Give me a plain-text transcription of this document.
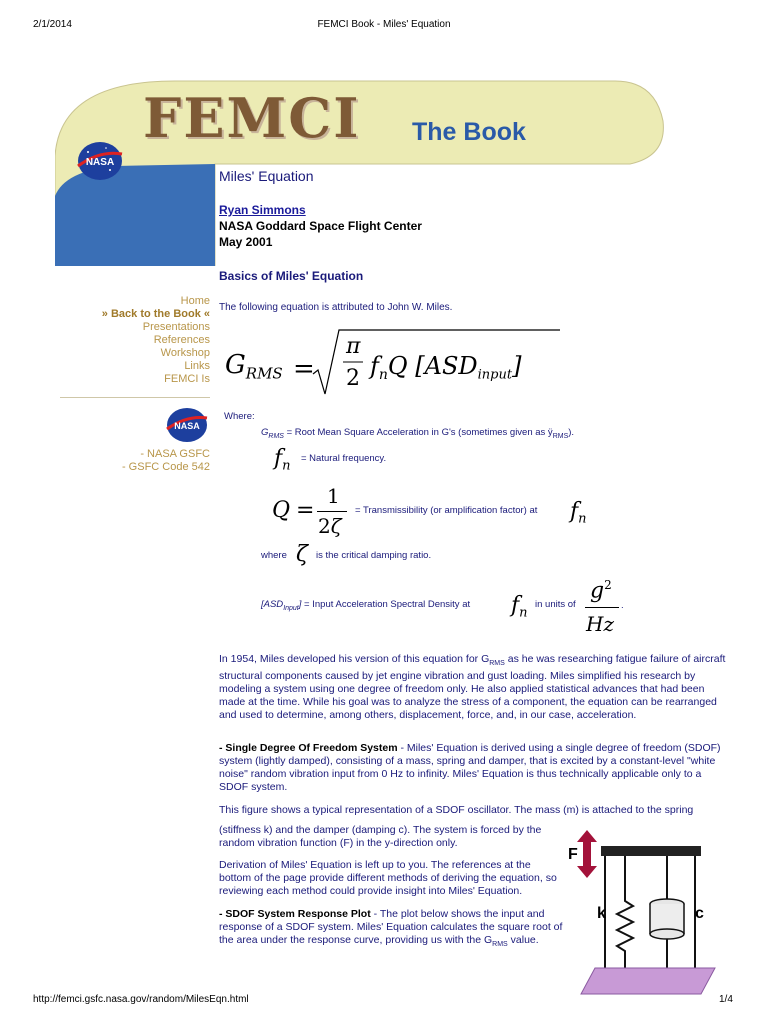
2/1/2014	FEMCI Book - Miles' Equation
FEMCI The Book
NASA
Miles' Equation
Ryan Simmons
NASA Goddard Space Flight Center
May 2001
Basics of Miles' Equation
The following equation is attributed to John W. Miles.
Home
» Back to the Book «
Presentations
References
Workshop
Links
FEMCI Is
NASA
- NASA GSFC
- GSFC Code 542
$G_{RMS}$ =
π
2 $f_nQ$ $[ASD_{input}]$
Where:
$G_{RMS}$ = Root Mean Square Acceleration in G's (sometimes given as $ÿ_{RMS}$).
$f_n$
= Natural frequency.
Q =
1
2ζ
= Transmissibility (or amplification factor) at $f_n$
where ζ is the critical damping ratio.
$[ASD_{Input}]$ = Input Acceleration Spectral Density at $f_n$
in units of
$g^2$
Hz
.
In 1954, Miles developed his version of this equation for $G_{RMS}$ as he was researching fatigue failure of aircraft structural components caused by jet engine vibration and gust loading. Miles simplified his research by modeling a system using one degree of freedom only. He also applied statistical advances that had been made at the time. While his goal was to analyze the stress of a component, the equation can be rearranged and used to determine, among others, displacement, force, and, in our case, acceleration.
- Single Degree Of Freedom System - Miles' Equation is derived using a single degree of freedom (SDOF) system (lightly damped), consisting of a mass, spring and damper, that is excited by a constant-level "white noise" random vibration input from 0 Hz to infinity. Miles' Equation is thus technically applicable only to a SDOF system.
This figure shows a typical representation of a SDOF oscillator. The mass (m) is attached to the spring
(stiffness k) and the damper (damping c). The system is forced by the random vibration function (F) in the y-direction only.
Derivation of Miles' Equation is left up to you. The references at the bottom of the page provide different methods of deriving the equation, so reviewing each method could provide insight into Miles' Equation.
- SDOF System Response Plot - The plot below shows the input and response of a SDOF system. Miles' Equation calculates the square root of the area under the response curve, providing us with the $G_{RMS}$ value.
F
k	c
http://femci.gsfc.nasa.gov/random/MilesEqn.html	1/4
